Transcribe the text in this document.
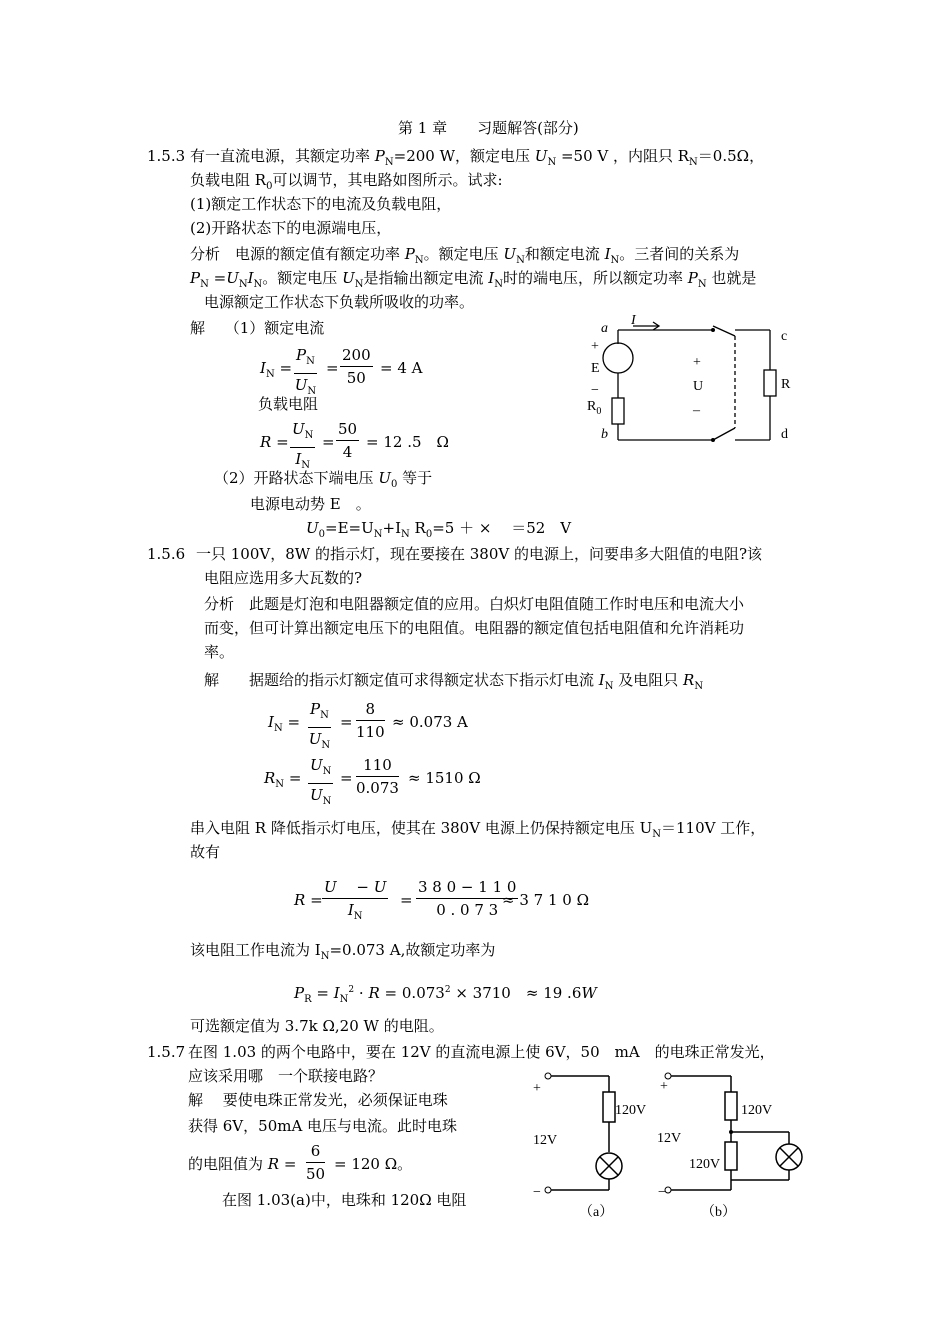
第 1 章　　习题解答(部分)
1.5.3 有一直流电源，其额定功率 $P_N=200$ W，额定电压 $U_N =50$ V ，内阻只 $R_N=0.5\Omega$，
负载电阻 $R_0$可以调节，其电路如图所示。试求:
(1)额定工作状态下的电流及负载电阻，
(2)开路状态下的电源端电压，
分析　电源的额定值有额定功率 $P_N$。额定电压 $U_N$和额定电流 $I_N$。三者间的关系为
$P_N =U_NI_N$。额定电压 $U_N$是指输出额定电流 $I_N$时的端电压，所以额定功率 $P_N$ 也就是
电源额定工作状态下负载所吸收的功率。
解　 （1）额定电流
$I_N = \frac{P_N}{U_N} = \frac{200}{50} = 4$ A
负载电阻
$R = \frac{U_N}{I_N} = \frac{50}{4} = 12$ .5　Ω
（2）开路状态下端电压 $U_0$ 等于
电源电动势 E　。
$U_0=E=U_N+I_N$ $R_0=5$ ＋ ×　 ＝52　V
a
b
c
d
I
+
E
−
$R_0$
+
U
–
R
1.5.6 一只 100V，8W 的指示灯，现在要接在 380V 的电源上，问要串多大阻值的电阻?该
电阻应选用多大瓦数的?
分析　此题是灯泡和电阻器额定值的应用。白炽灯电阻值随工作时电压和电流大小
而变，但可计算出额定电压下的电阻值。电阻器的额定值包括电阻值和允许消耗功
率。
解　　据题给的指示灯额定值可求得额定状态下指示灯电流 $I_N$ 及电阻只 $R_N$
$I_N = \frac{P_N}{U_N} = \frac{8}{110} \approx 0.073$ A
$R_N = \frac{U_N}{U_N} = \frac{110}{0.073} \approx 1510$ Ω
串入电阻 R 降低指示灯电压，使其在 380V 电源上仍保持额定电压 $U_N=110V$ 工作，
故有
$R = \frac{U - U}{I_N} = \frac{3 8 0 - 1 1 0}{0 . 0 7 3}$
≈ 3 7 1 0 Ω
该电阻工作电流为 $I_N=0.073$ A,故额定功率为
$P_R = I_N^2 \cdot R = 0.073^2 \times 3710$　≈ 19 .6W
可选额定值为 3.7k Ω,20 W 的电阻。
1.5.7 在图 1.03 的两个电路中，要在 12V 的直流电源上使 6V，50　mA　的电珠正常发光，
应该采用哪　一个联接电路？
解　 要使电珠正常发光，必须保证电珠
获得 6V，50mA 电压与电流。此时电珠
的电阻值为 $R = \frac{6}{50} = 120$ Ω。
在图 1.03(a)中，电珠和 120Ω 电阻
+
−
12V
120V
+
−
12V
120V
120V
（a）	（b）
